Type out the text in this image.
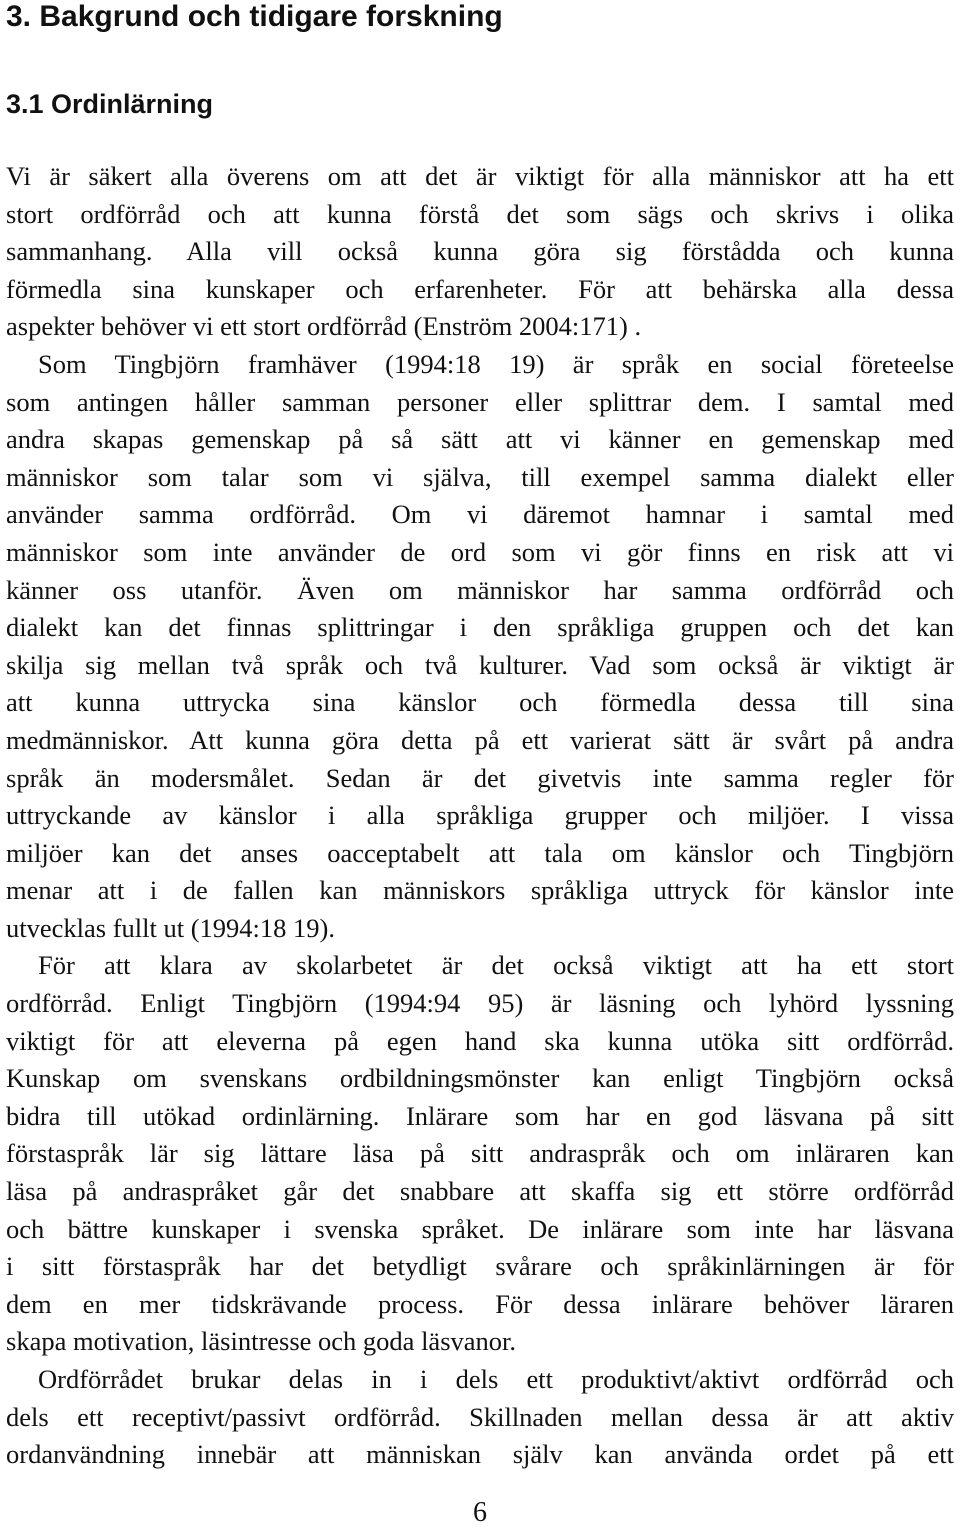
3. Bakgrund och tidigare forskning
3.1 Ordinlärning

Vi är säkert alla överens om att det är viktigt för alla människor att ha ett
stort ordförråd och att kunna förstå det som sägs och skrivs i olika
sammanhang. Alla vill också kunna göra sig förstådda och kunna
förmedla sina kunskaper och erfarenheter. För att behärska alla dessa
aspekter behöver vi ett stort ordförråd (Enström 2004:171) .

Som Tingbjörn framhäver (1994:18 19) är språk en social företeelse
som antingen håller samman personer eller splittrar dem. I samtal med
andra skapas gemenskap på så sätt att vi känner en gemenskap med
människor som talar som vi själva, till exempel samma dialekt eller
använder samma ordförråd. Om vi däremot hamnar i samtal med
människor som inte använder de ord som vi gör finns en risk att vi
känner oss utanför. Även om människor har samma ordförråd och
dialekt kan det finnas splittringar i den språkliga gruppen och det kan
skilja sig mellan två språk och två kulturer. Vad som också är viktigt är
att kunna uttrycka sina känslor och förmedla dessa till sina
medmänniskor. Att kunna göra detta på ett varierat sätt är svårt på andra
språk än modersmålet. Sedan är det givetvis inte samma regler för
uttryckande av känslor i alla språkliga grupper och miljöer. I vissa
miljöer kan det anses oacceptabelt att tala om känslor och Tingbjörn
menar att i de fallen kan människors språkliga uttryck för känslor inte
utvecklas fullt ut (1994:18 19).

För att klara av skolarbetet är det också viktigt att ha ett stort
ordförråd. Enligt Tingbjörn (1994:94 95) är läsning och lyhörd lyssning
viktigt för att eleverna på egen hand ska kunna utöka sitt ordförråd.
Kunskap om svenskans ordbildningsmönster kan enligt Tingbjörn också
bidra till utökad ordinlärning. Inlärare som har en god läsvana på sitt
förstaspråk lär sig lättare läsa på sitt andraspråk och om inläraren kan
läsa på andraspråket går det snabbare att skaffa sig ett större ordförråd
och bättre kunskaper i svenska språket. De inlärare som inte har läsvana
i sitt förstaspråk har det betydligt svårare och språkinlärningen är för
dem en mer tidskrävande process. För dessa inlärare behöver läraren
skapa motivation, läsintresse och goda läsvanor.

Ordförrådet brukar delas in i dels ett produktivt/aktivt ordförråd och
dels ett receptivt/passivt ordförråd. Skillnaden mellan dessa är att aktiv
ordanvändning innebär att människan själv kan använda ordet på ett

6
